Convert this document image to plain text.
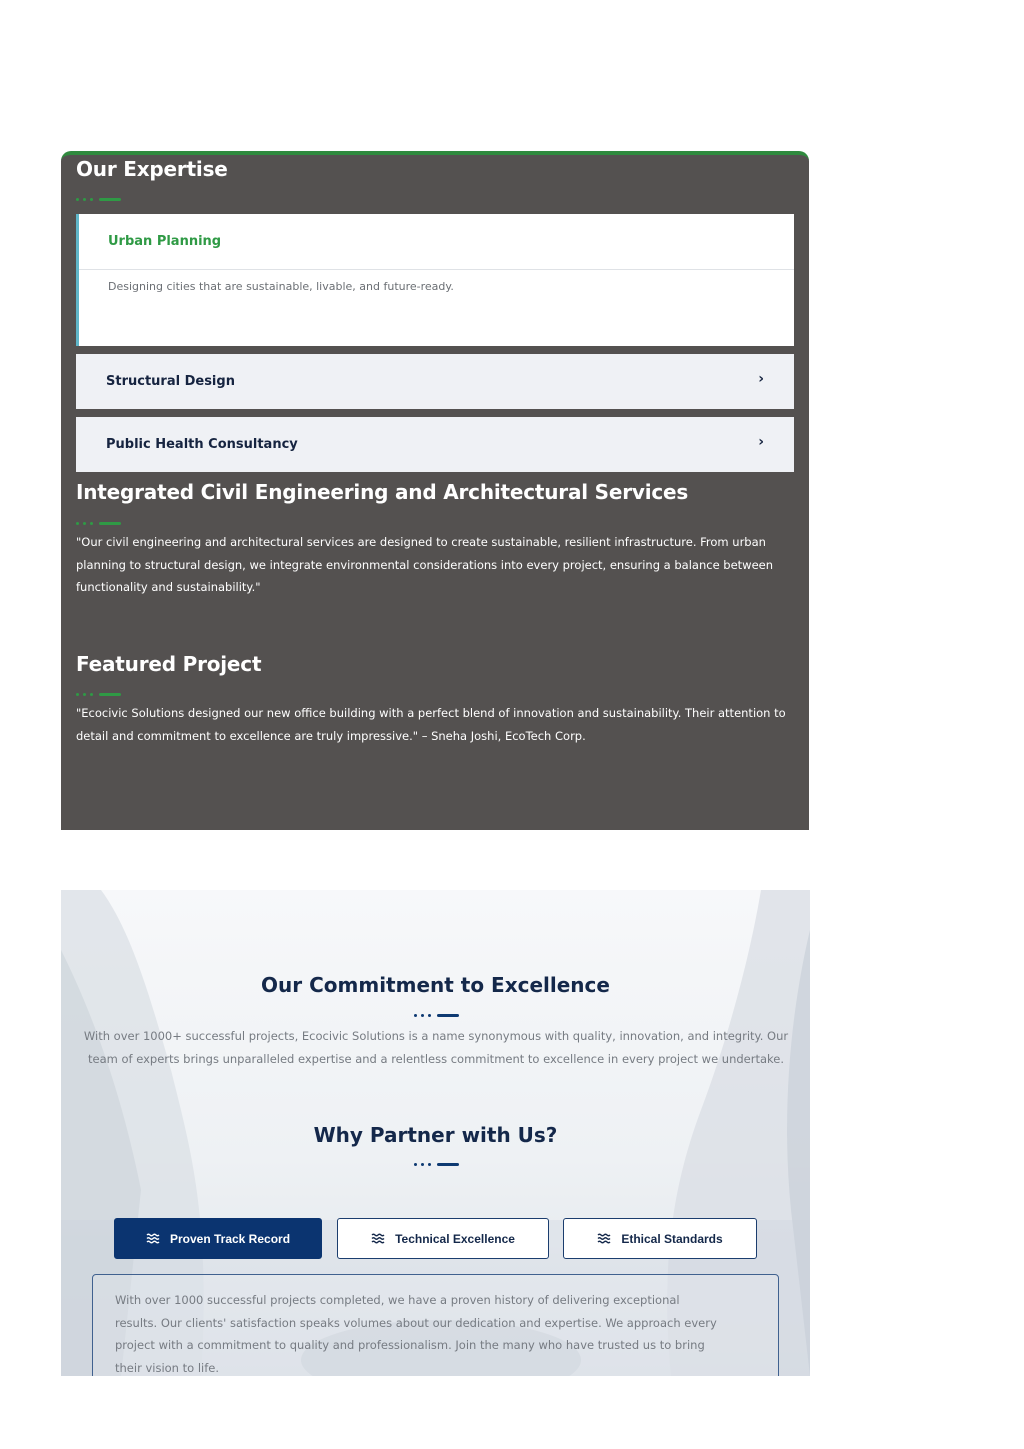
Our Expertise
Urban Planning
Designing cities that are sustainable, livable, and future-ready.
Structural Design	›
Public Health Consultancy	›
Integrated Civil Engineering and Architectural Services

"Our civil engineering and architectural services are designed to create sustainable, resilient infrastructure. From urban planning to structural design, we integrate environmental considerations into every project, ensuring a balance between functionality and sustainability."

Featured Project

"Ecocivic Solutions designed our new office building with a perfect blend of innovation and sustainability. Their attention to detail and commitment to excellence are truly impressive." – Sneha Joshi, EcoTech Corp.

Our Commitment to Excellence

With over 1000+ successful projects, Ecocivic Solutions is a name synonymous with quality, innovation, and integrity. Our team of experts brings unparalleled expertise and a relentless commitment to excellence in every project we undertake.

Why Partner with Us?
Proven Track Record	Technical Excellence	Ethical Standards

With over 1000 successful projects completed, we have a proven history of delivering exceptional results. Our clients' satisfaction speaks volumes about our dedication and expertise. We approach every project with a commitment to quality and professionalism. Join the many who have trusted us to bring their vision to life.
